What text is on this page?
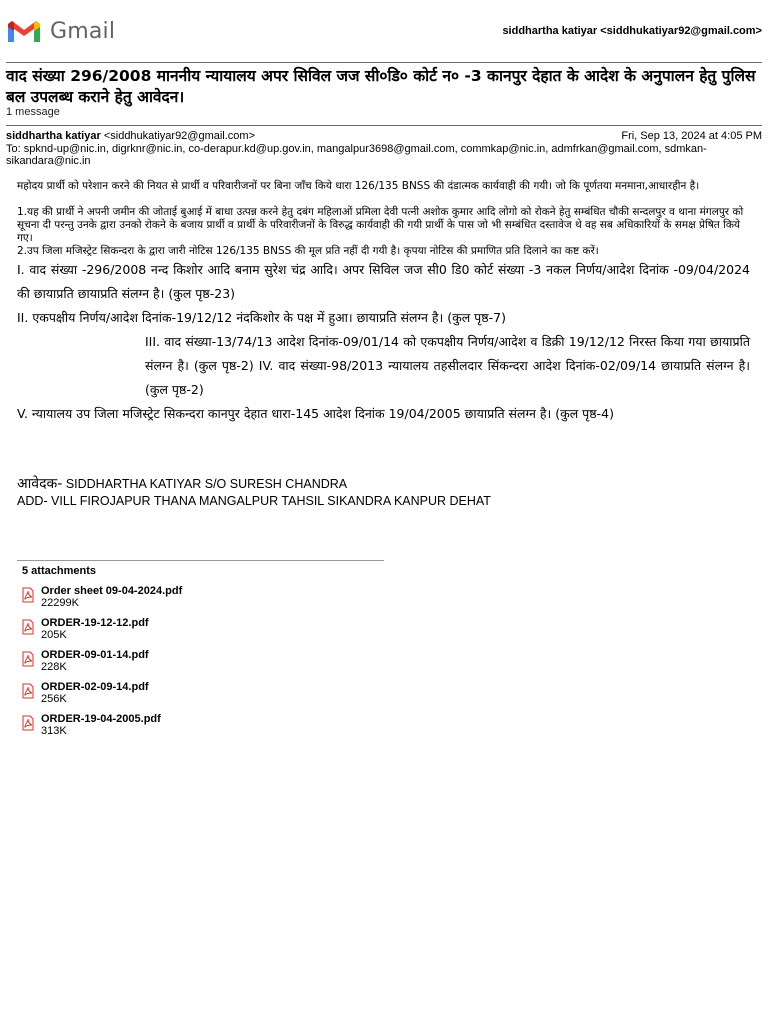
Gmail	siddhartha katiyar <siddhukatiyar92@gmail.com>
वाद संख्या 296/2008 माननीय न्यायालय अपर सिविल जज सी०डि० कोर्ट न० -3 कानपुर देहात के आदेश के अनुपालन हेतु पुलिस बल उपलब्ध कराने हेतु आवेदन।
1 message
siddhartha katiyar <siddhukatiyar92@gmail.com>	Fri, Sep 13, 2024 at 4:05 PM
To: spknd-up@nic.in, digrknr@nic.in, co-derapur.kd@up.gov.in, mangalpur3698@gmail.com, commkap@nic.in, admfrkan@gmail.com, sdmkan-sikandara@nic.in

महोदय प्रार्थी को परेशान करने की नियत से प्रार्थी व परिवारीजनों पर बिना जाँच किये धारा 126/135 BNSS की दंडात्मक कार्यवाही की गयी। जो कि पूर्णतया मनमाना,आधारहीन है।

1.यह की प्रार्थी ने अपनी जमीन की जोताई बुआई में बाधा उत्पन्न करने हेतु दबंग महिलाओं प्रमिला देवी पत्नी अशोक कुमार आदि लोगो को रोकने हेतु सम्बंधित चौकी सन्दलपुर व थाना मंगलपुर को सूचना दी परन्तु उनके द्वारा उनको रोकने के बजाय प्रार्थी व प्रार्थी के परिवारीजनों के विरुद्ध कार्यवाही की गयी प्रार्थी के पास जो भी सम्बंधित दस्तावेज थे वह सब अधिकारियों के समक्ष प्रेषित किये गए।

2.उप जिला मजिस्ट्रेट सिकन्दरा के द्वारा जारी नोटिस 126/135 BNSS की मूल प्रति नहीं दी गयी है। कृपया नोटिस की प्रमाणित प्रति दिलाने का कष्ट करें।

I. वाद संख्या -296/2008 नन्द किशोर आदि बनाम सुरेश चंद्र आदि। अपर सिविल जज सी0 डि0 कोर्ट संख्या -3 नकल निर्णय/आदेश दिनांक -09/04/2024 की छायाप्रति छायाप्रति संलग्न है। (कुल पृष्ठ-23)

II. एकपक्षीय निर्णय/आदेश दिनांक-19/12/12 नंदकिशोर के पक्ष में हुआ। छायाप्रति संलग्न है। (कुल पृष्ठ-7)

III. वाद संख्या-13/74/13 आदेश दिनांक-09/01/14 को एकपक्षीय निर्णय/आदेश व डिक्री 19/12/12 निरस्त किया गया छायाप्रति संलग्न है। (कुल पृष्ठ-2) IV. वाद संख्या-98/2013 न्यायालय तहसीलदार सिंकन्दरा आदेश दिनांक-02/09/14 छायाप्रति संलग्न है। (कुल पृष्ठ-2)

V. न्यायालय उप जिला मजिस्ट्रेट सिकन्दरा कानपुर देहात धारा-145 आदेश दिनांक 19/04/2005 छायाप्रति संलग्न है। (कुल पृष्ठ-4)

आवेदक- SIDDHARTHA KATIYAR S/O SURESH CHANDRA
ADD- VILL FIROJAPUR THANA MANGALPUR TAHSIL SIKANDRA KANPUR DEHAT
5 attachments
Order sheet 09-04-2024.pdf
22299K
ORDER-19-12-12.pdf
205K
ORDER-09-01-14.pdf
228K
ORDER-02-09-14.pdf
256K
ORDER-19-04-2005.pdf
313K
